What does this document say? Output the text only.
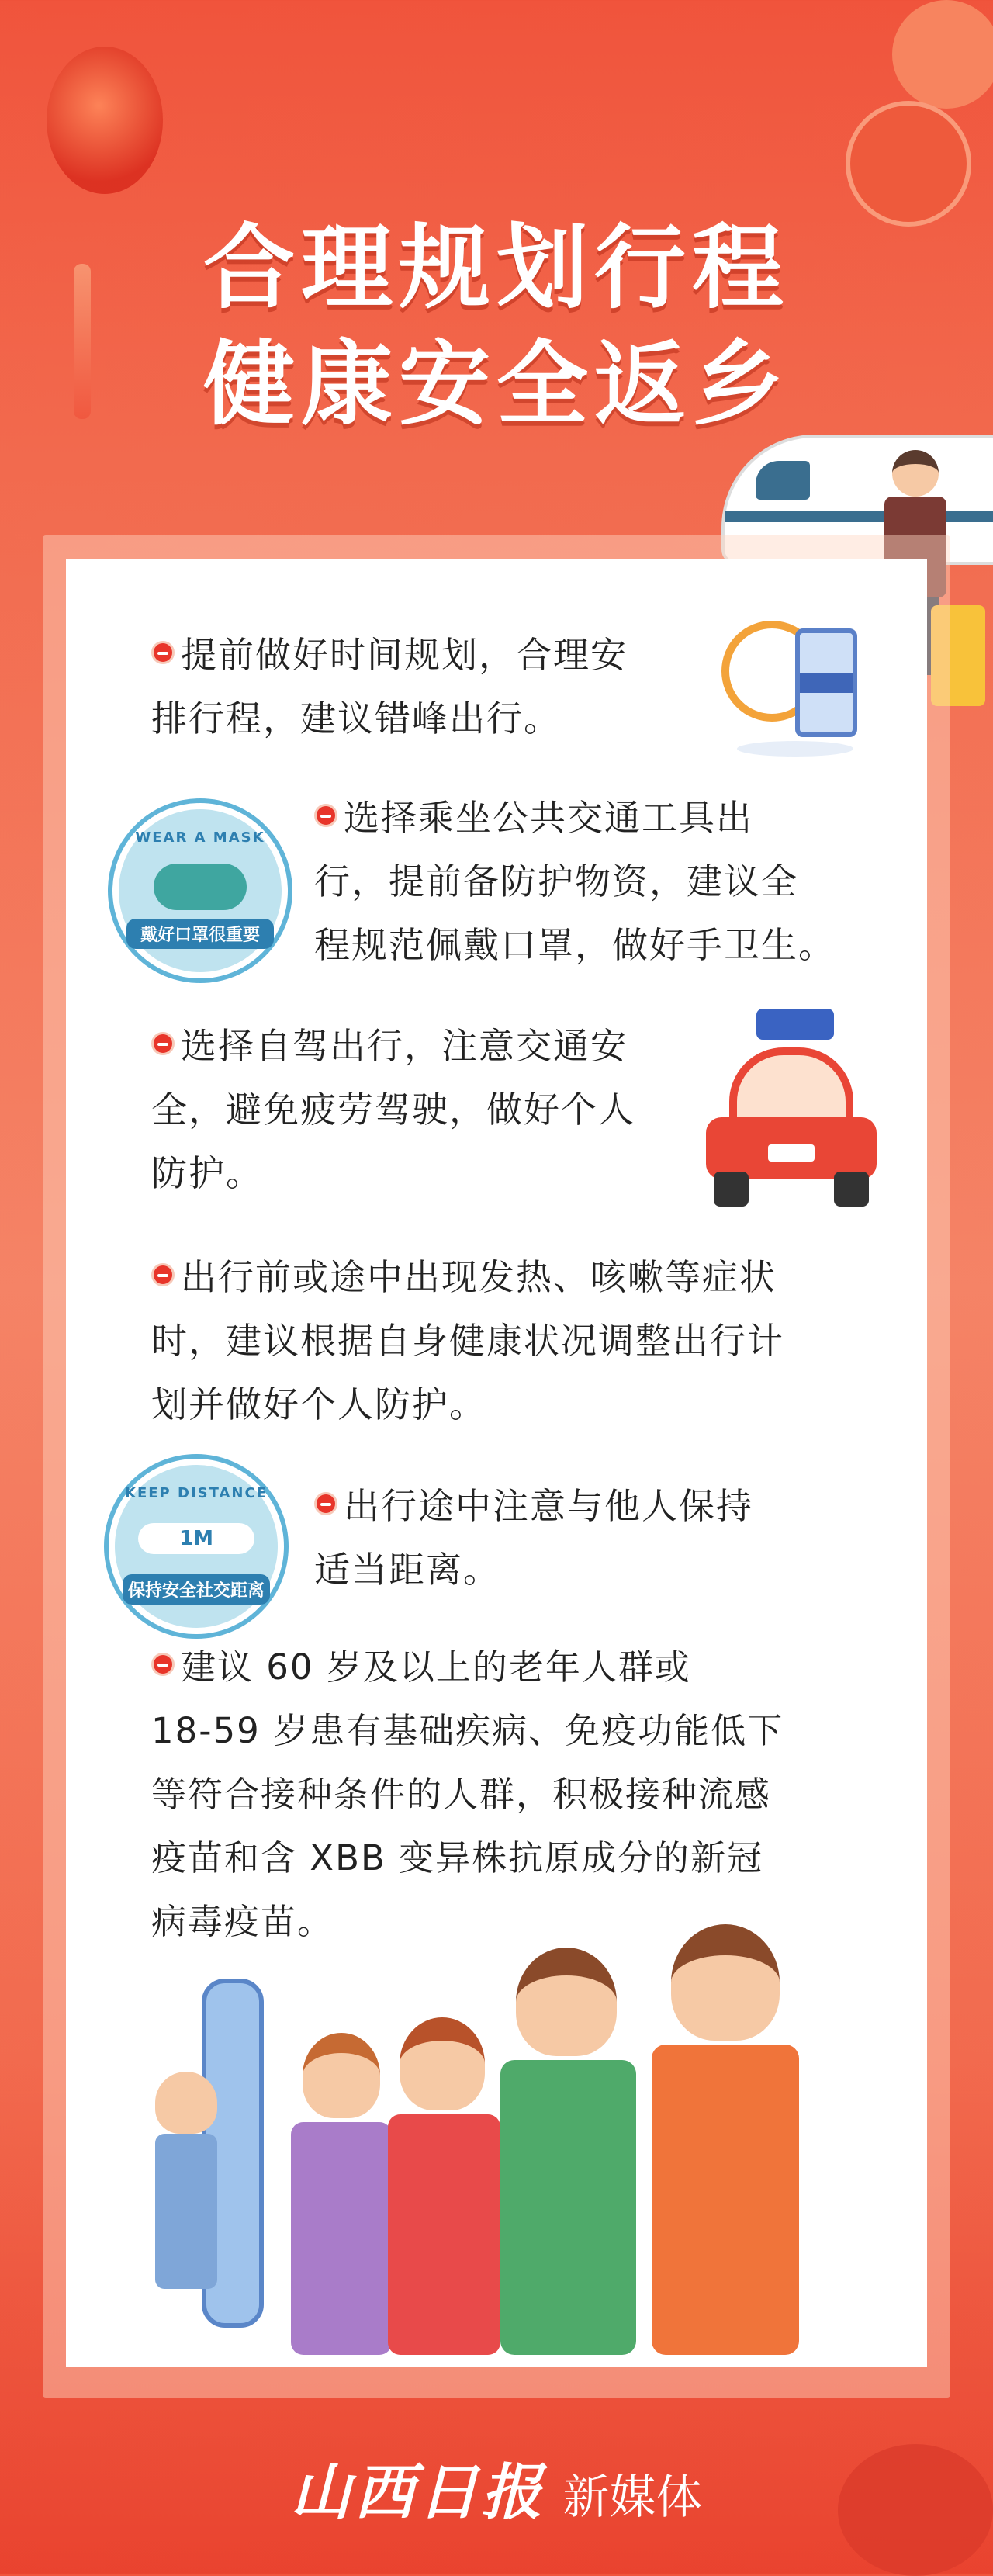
合理规划行程
健康安全返乡
提前做好时间规划，合理安
排行程，建议错峰出行。
WEAR A MASK
戴好口罩很重要
选择乘坐公共交通工具出
行，提前备防护物资，建议全
程规范佩戴口罩，做好手卫生。
选择自驾出行，注意交通安
全，避免疲劳驾驶，做好个人
防护。
出行前或途中出现发热、咳嗽等症状
时，建议根据自身健康状况调整出行计
划并做好个人防护。
KEEP DISTANCE
1M
保持安全社交距离
出行途中注意与他人保持
适当距离。
建议 60 岁及以上的老年人群或
18-59 岁患有基础疾病、免疫功能低下
等符合接种条件的人群，积极接种流感
疫苗和含 XBB 变异株抗原成分的新冠
病毒疫苗。
山西日报 新媒体
